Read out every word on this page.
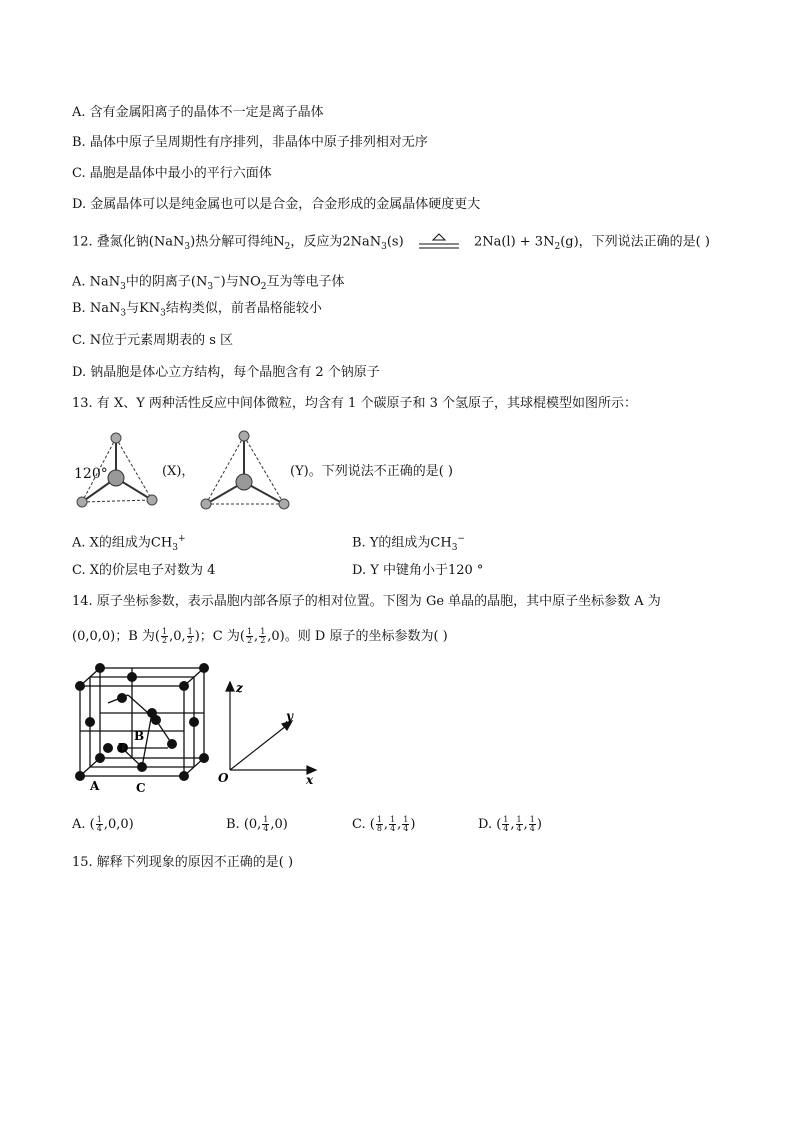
A. 含有金属阳离子的晶体不一定是离子晶体
B. 晶体中原子呈周期性有序排列，非晶体中原子排列相对无序
C. 晶胞是晶体中最小的平行六面体
D. 金属晶体可以是纯金属也可以是合金，合金形成的金属晶体硬度更大
12. 叠氮化钠(NaN$_3$)热分解可得纯$N_2$，反应为2NaN$_3$(s)	$2Na(l) + 3N_2(g)$，下列说法正确的是( )
A. NaN$_3$中的阴离子$(N_3^-)$与$NO_2$互为等电子体
B. NaN$_3$与$KN_3$结构类似，前者晶格能较小
C. N位于元素周期表的 s 区
D. 钠晶胞是体心立方结构，每个晶胞含有 2 个钠原子
13. 有 X、Y 两种活性反应中间体微粒，均含有 1 个碳原子和 3 个氢原子，其球棍模型如图所示：
120°	(X)，	(Y)。下列说法不正确的是( )
A. X的组成为$CH_3^+$	B. Y的组成为$CH_3^-$
C. X的价层电子对数为 4	D. Y 中键角小于120 °
14. 原子坐标参数，表示晶胞内部各原子的相对位置。下图为 Ge 单晶的晶胞，其中原子坐标参数 A 为
(0,0,0)；B 为( $\frac{1}{2} ,0$, $\frac{1}{2}$ )；C 为( $\frac{1}{2}$ , $\frac{1}{2} ,0$)。则 D 原子的坐标参数为( )
B
D
A	C
z
y
x
O
A. ( $\frac{1}{4} ,0,0$)	B. (0, $\frac{1}{4} ,0$)	C. ( $\frac{1}{8}$ , $\frac{1}{4}$ , $\frac{1}{4}$ )	D. ( $\frac{1}{4}$ , $\frac{1}{4}$ , $\frac{1}{4}$ )
15. 解释下列现象的原因不正确的是( )
